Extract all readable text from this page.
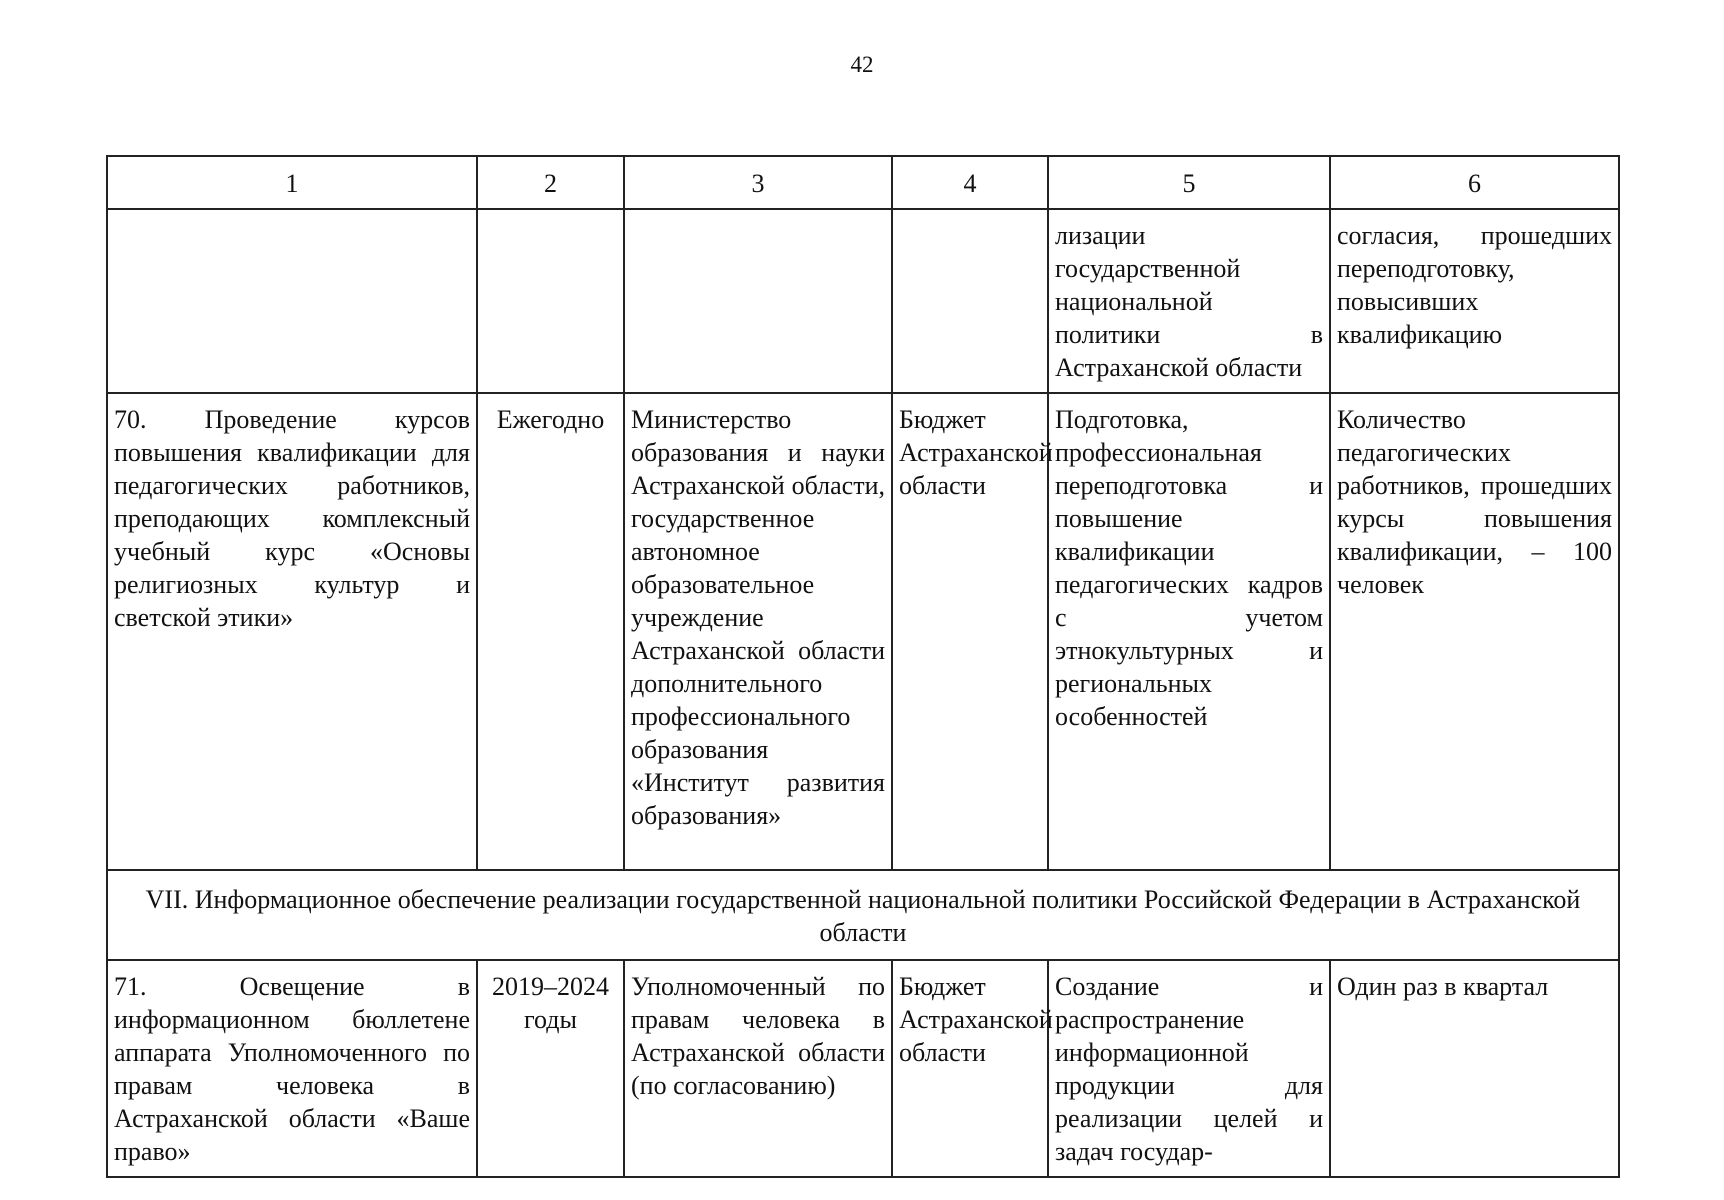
42
1	2	3	4	5	6
				лизации государственной национальной политики в Астраханской области	согласия, прошедших переподготовку, повысивших квалификацию
70. Проведение курсов повышения квалификации для педагогических работников, преподающих комплексный учебный курс «Основы религиозных культур и светской этики»	Ежегодно	Министерство образования и науки Астраханской области, государственное автономное образовательное учреждение Астраханской области дополнительного профессионального образования «Институт развития образования»	Бюджет Астраханской области	Подготовка, профессиональная переподготовка и повышение квалификации педагогических кадров с учетом этнокультурных и региональных особенностей	Количество педагогических работников, прошедших курсы повышения квалификации, – 100 человек
VII. Информационное обеспечение реализации государственной национальной политики Российской Федерации в Астраханской области					
71. Освещение в информационном бюллетене аппарата Уполномоченного по правам человека в Астраханской области «Ваше право»	2019–2024 годы	Уполномоченный по правам человека в Астраханской области (по согласованию)	Бюджет Астраханской области	Создание и распространение информационной продукции для реализации целей и задач государ-	Один раз в квартал
